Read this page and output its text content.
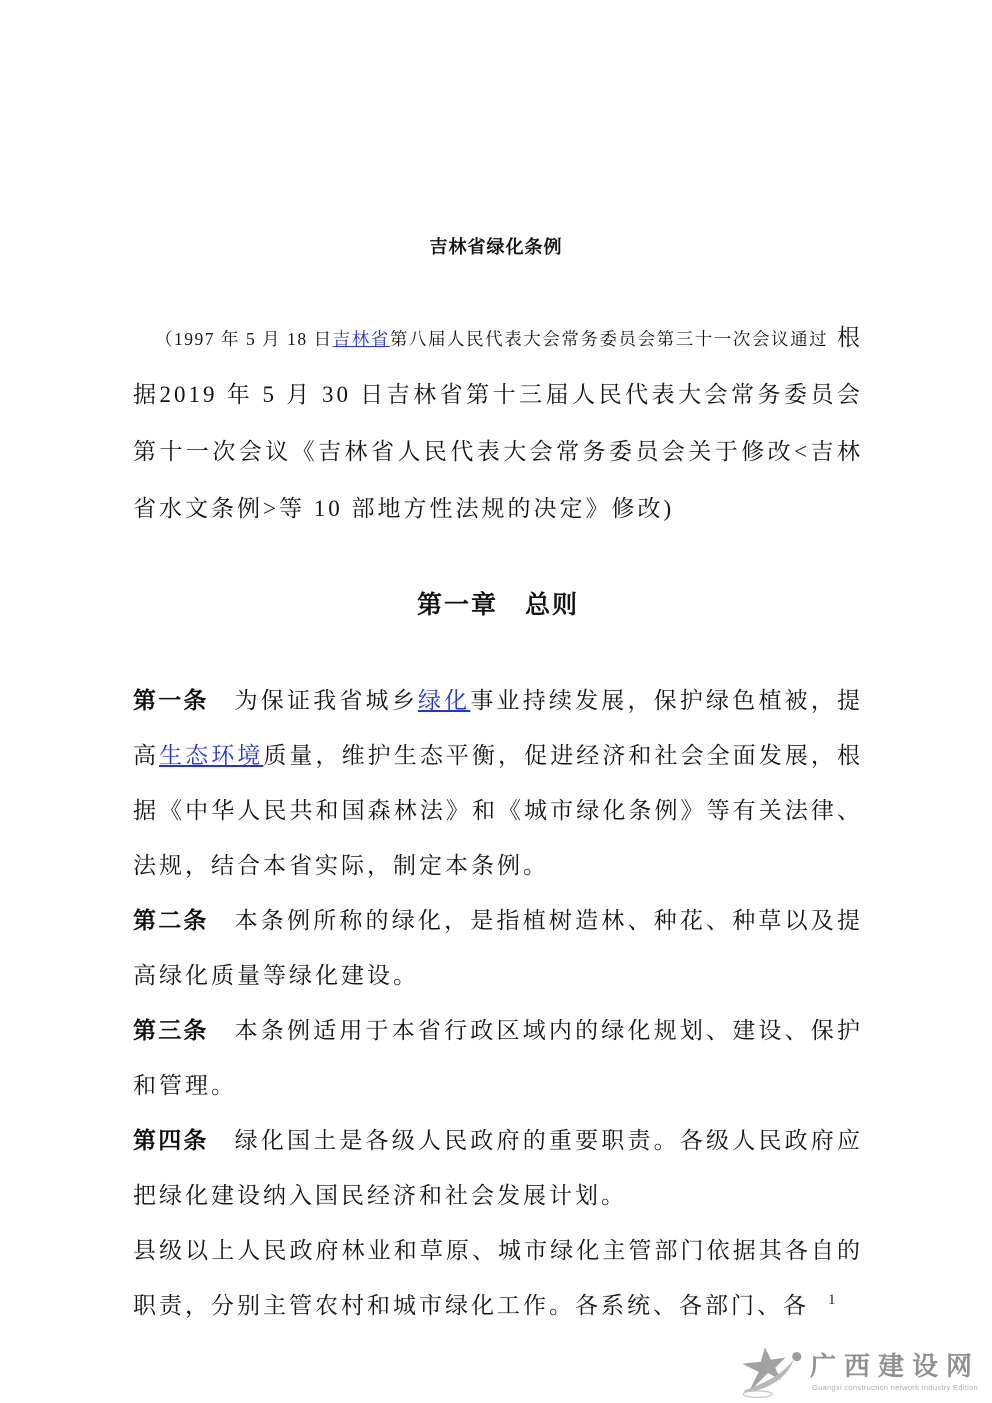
吉林省绿化条例

（1997 年 5 月 18 日吉林省第八届人民代表大会常务委员会第三十一次会议通过 根据2019 年 5 月 30 日吉林省第十三届人民代表大会常务委员会第十一次会议《吉林省人民代表大会常务委员会关于修改<吉林省水文条例>等 10 部地方性法规的决定》修改)

第一章　总则

第一条 为保证我省城乡绿化事业持续发展，保护绿色植被，提高生态环境质量，维护生态平衡，促进经济和社会全面发展，根据《中华人民共和国森林法》和《城市绿化条例》等有关法律、法规，结合本省实际，制定本条例。

第二条 本条例所称的绿化，是指植树造林、种花、种草以及提高绿化质量等绿化建设。

第三条 本条例适用于本省行政区域内的绿化规划、建设、保护和管理。

第四条 绿化国土是各级人民政府的重要职责。各级人民政府应把绿化建设纳入国民经济和社会发展计划。

县级以上人民政府林业和草原、城市绿化主管部门依据其各自的职责，分别主管农村和城市绿化工作。各系统、各部门、各	1
广西建设网
Guangxi construction network Industry Edition
